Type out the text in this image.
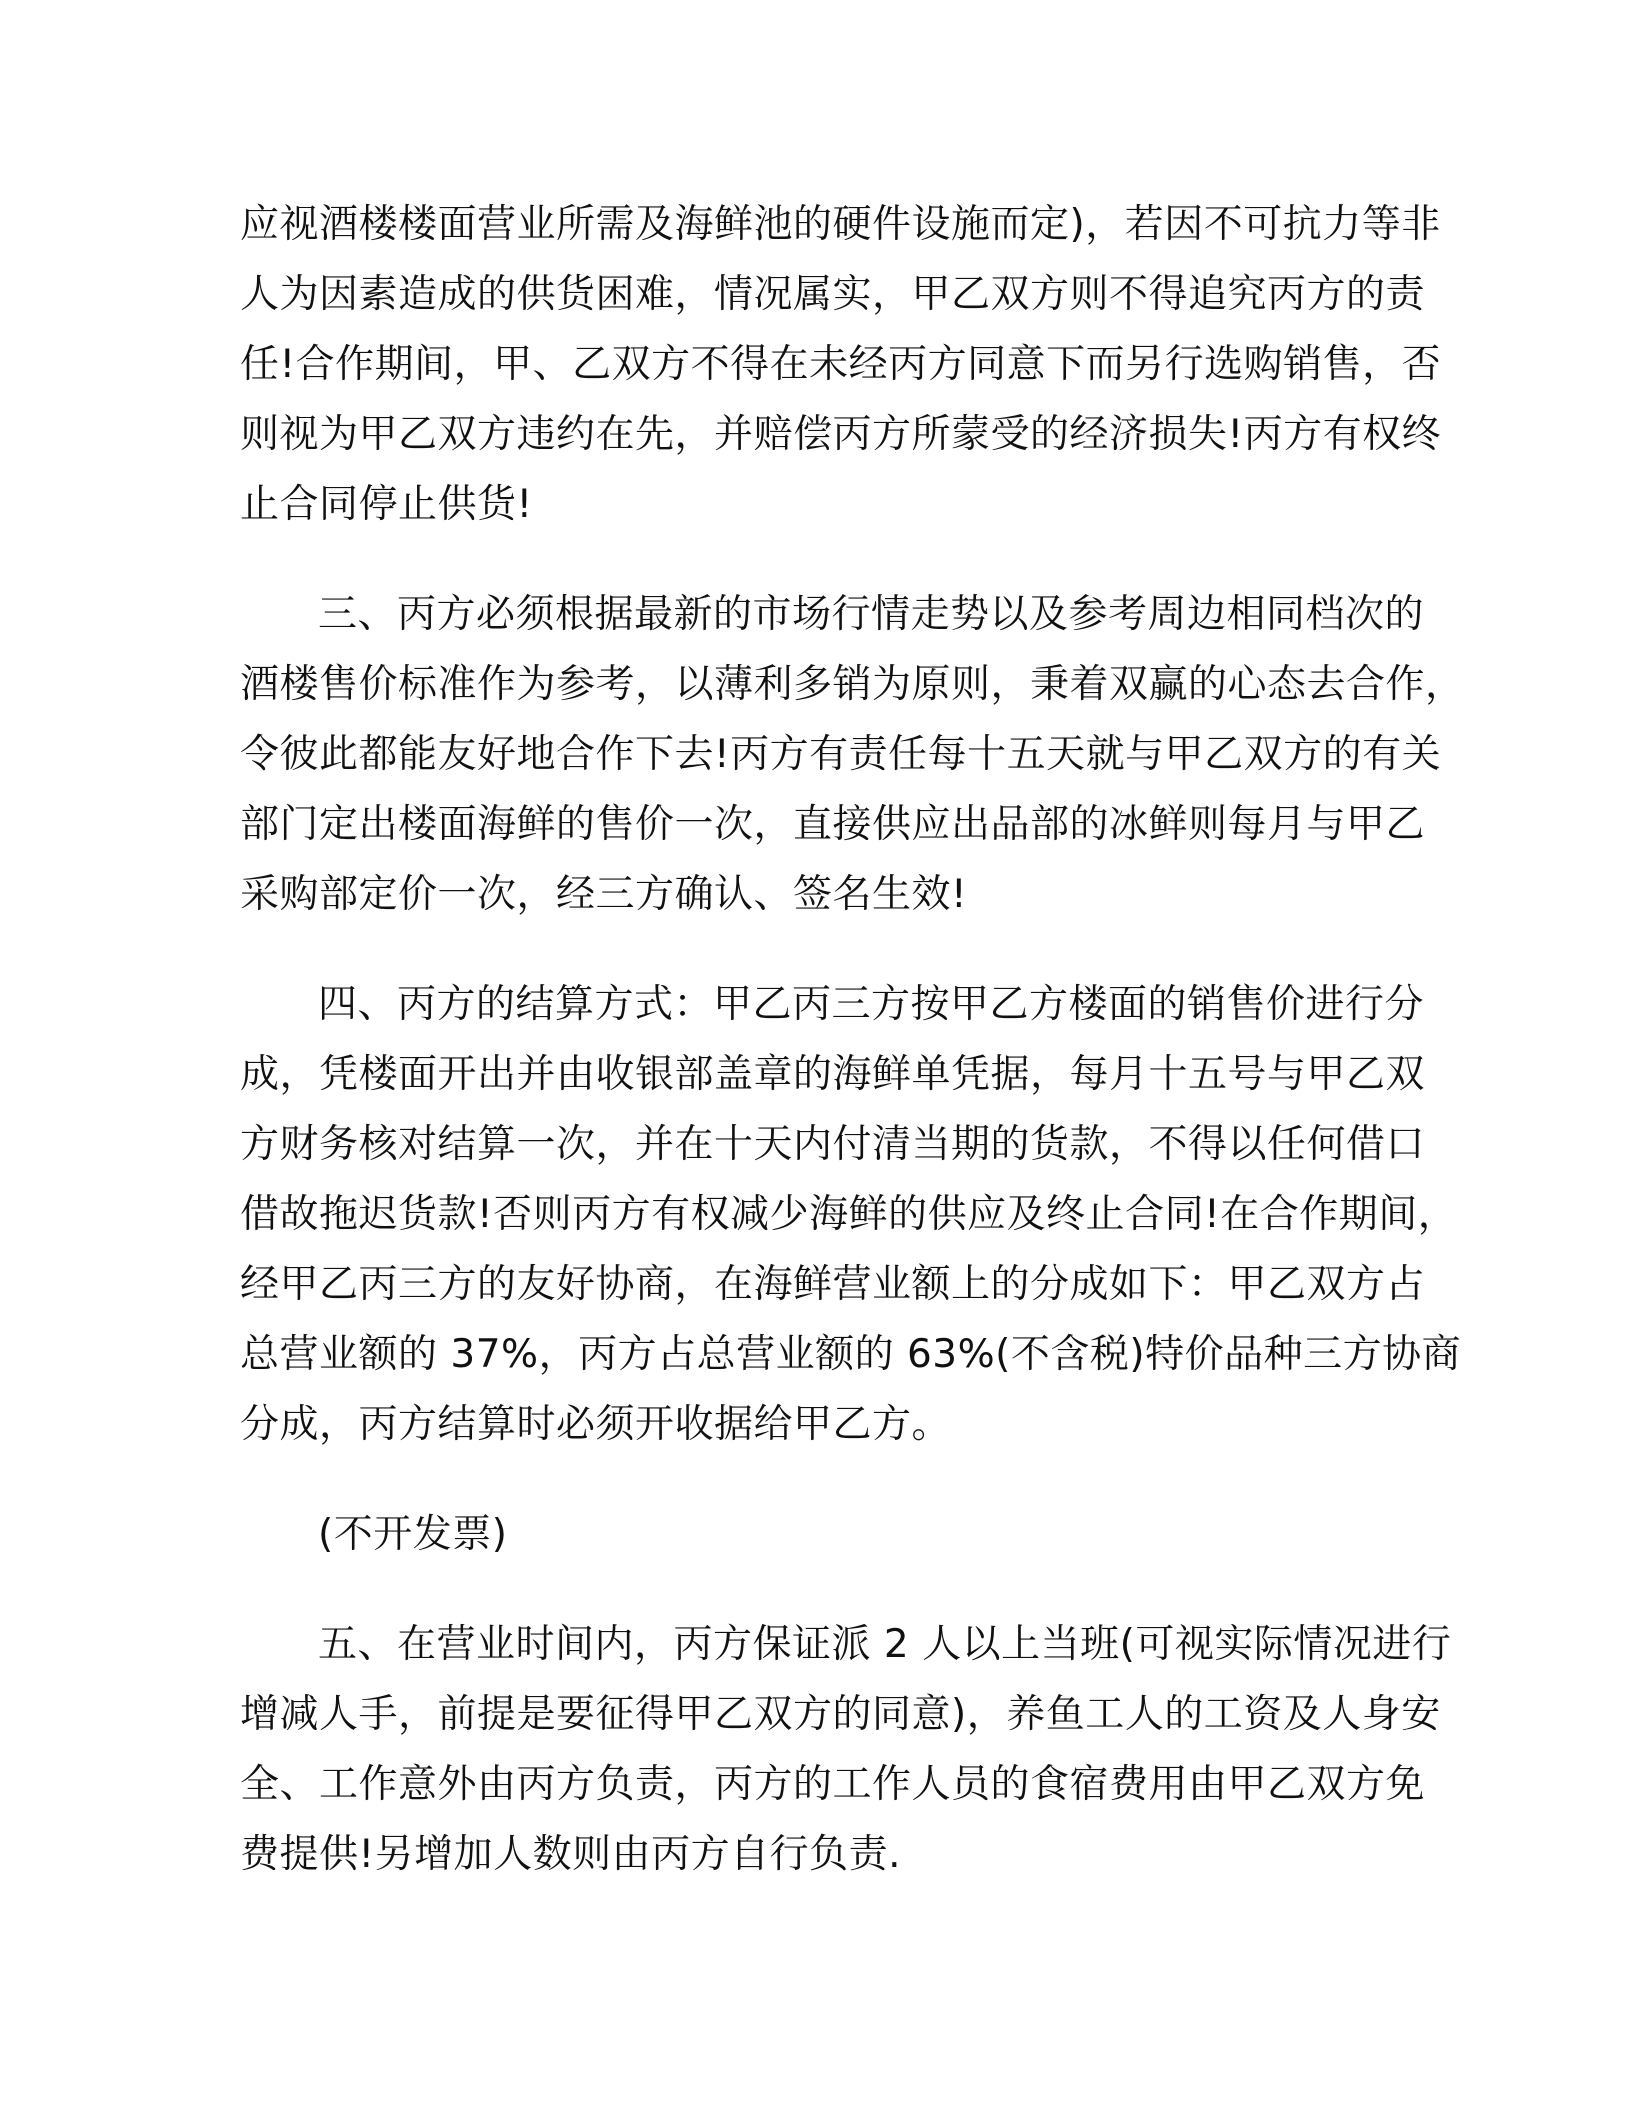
应视酒楼楼面营业所需及海鲜池的硬件设施而定)，若因不可抗力等非
人为因素造成的供货困难，情况属实，甲乙双方则不得追究丙方的责
任!合作期间，甲、乙双方不得在未经丙方同意下而另行选购销售，否
则视为甲乙双方违约在先，并赔偿丙方所蒙受的经济损失!丙方有权终
止合同停止供货!

三、丙方必须根据最新的市场行情走势以及参考周边相同档次的
酒楼售价标准作为参考，以薄利多销为原则，秉着双赢的心态去合作，
令彼此都能友好地合作下去!丙方有责任每十五天就与甲乙双方的有关
部门定出楼面海鲜的售价一次，直接供应出品部的冰鲜则每月与甲乙
采购部定价一次，经三方确认、签名生效!

四、丙方的结算方式：甲乙丙三方按甲乙方楼面的销售价进行分
成，凭楼面开出并由收银部盖章的海鲜单凭据，每月十五号与甲乙双
方财务核对结算一次，并在十天内付清当期的货款，不得以任何借口
借故拖迟货款!否则丙方有权减少海鲜的供应及终止合同!在合作期间，
经甲乙丙三方的友好协商，在海鲜营业额上的分成如下：甲乙双方占
总营业额的 37%，丙方占总营业额的 63%(不含税)特价品种三方协商
分成，丙方结算时必须开收据给甲乙方。

(不开发票)

五、在营业时间内，丙方保证派 2 人以上当班(可视实际情况进行
增减人手，前提是要征得甲乙双方的同意)，养鱼工人的工资及人身安
全、工作意外由丙方负责，丙方的工作人员的食宿费用由甲乙双方免
费提供!另增加人数则由丙方自行负责.
